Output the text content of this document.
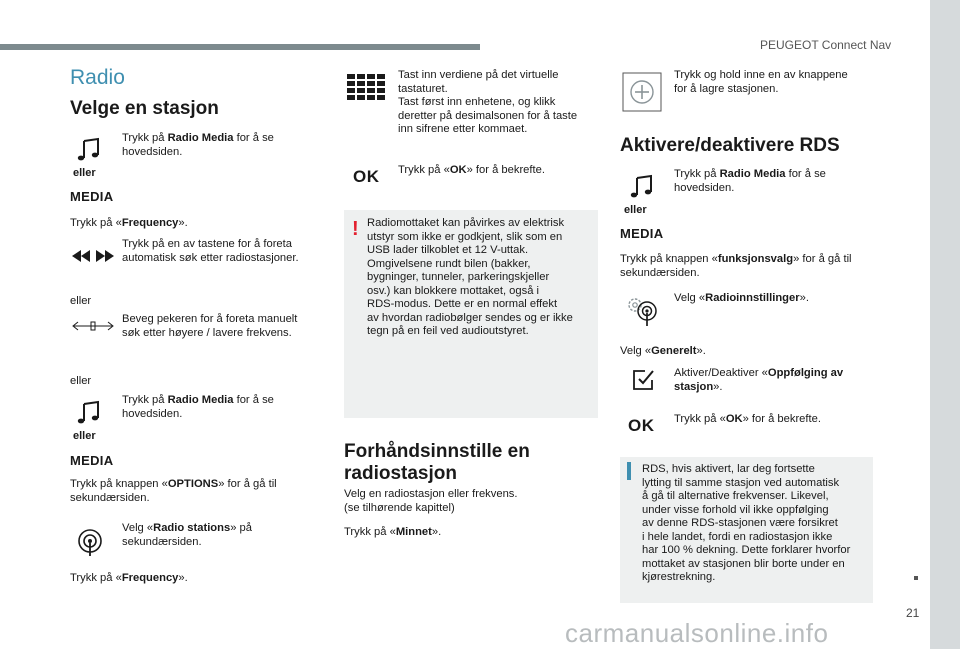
PEUGEOT Connect Nav
21
carmanualsonline.info
Radio
Velge en stasjon
eller
MEDIA
Trykk på Radio Media for å se
hovedsiden.
Trykk på «Frequency».
Trykk på en av tastene for å foreta
automatisk søk etter radiostasjoner.
eller
Beveg pekeren for å foreta manuelt
søk etter høyere / lavere frekvens.
eller
eller
MEDIA
Trykk på Radio Media for å se
hovedsiden.
Trykk på knappen «OPTIONS» for å gå til
sekundærsiden.
Velg «Radio stations» på
sekundærsiden.
Trykk på «Frequency».
Tast inn verdiene på det virtuelle
tastaturet.
Tast først inn enhetene, og klikk
deretter på desimalsonen for å taste
inn sifrene etter kommaet.
OK Trykk på «OK» for å bekrefte.
! Radiomottaket kan påvirkes av elektrisk
utstyr som ikke er godkjent, slik som en
USB lader tilkoblet et 12 V-uttak.
Omgivelsene rundt bilen (bakker,
bygninger, tunneler, parkeringskjeller
osv.) kan blokkere mottaket, også i
RDS-modus. Dette er en normal effekt
av hvordan radiobølger sendes og er ikke
tegn på en feil ved audioutstyret.
Forhåndsinnstille en
radiostasjon
Velg en radiostasjon eller frekvens.
(se tilhørende kapittel)
Trykk på «Minnet».
Trykk og hold inne en av knappene
for å lagre stasjonen.
Aktivere/deaktivere RDS
eller
MEDIA
Trykk på Radio Media for å se
hovedsiden.
Trykk på knappen «funksjonsvalg» for å gå til
sekundærsiden.
Velg «Radioinnstillinger».
Velg «Generelt».
Aktiver/Deaktiver «Oppfølging av
stasjon».
OK Trykk på «OK» for å bekrefte.
RDS, hvis aktivert, lar deg fortsette
lytting til samme stasjon ved automatisk
å gå til alternative frekvenser. Likevel,
under visse forhold vil ikke oppfølging
av denne RDS-stasjonen være forsikret
i hele landet, fordi en radiostasjon ikke
har 100 % dekning. Dette forklarer hvorfor
mottaket av stasjonen blir borte under en
kjørestrekning.
